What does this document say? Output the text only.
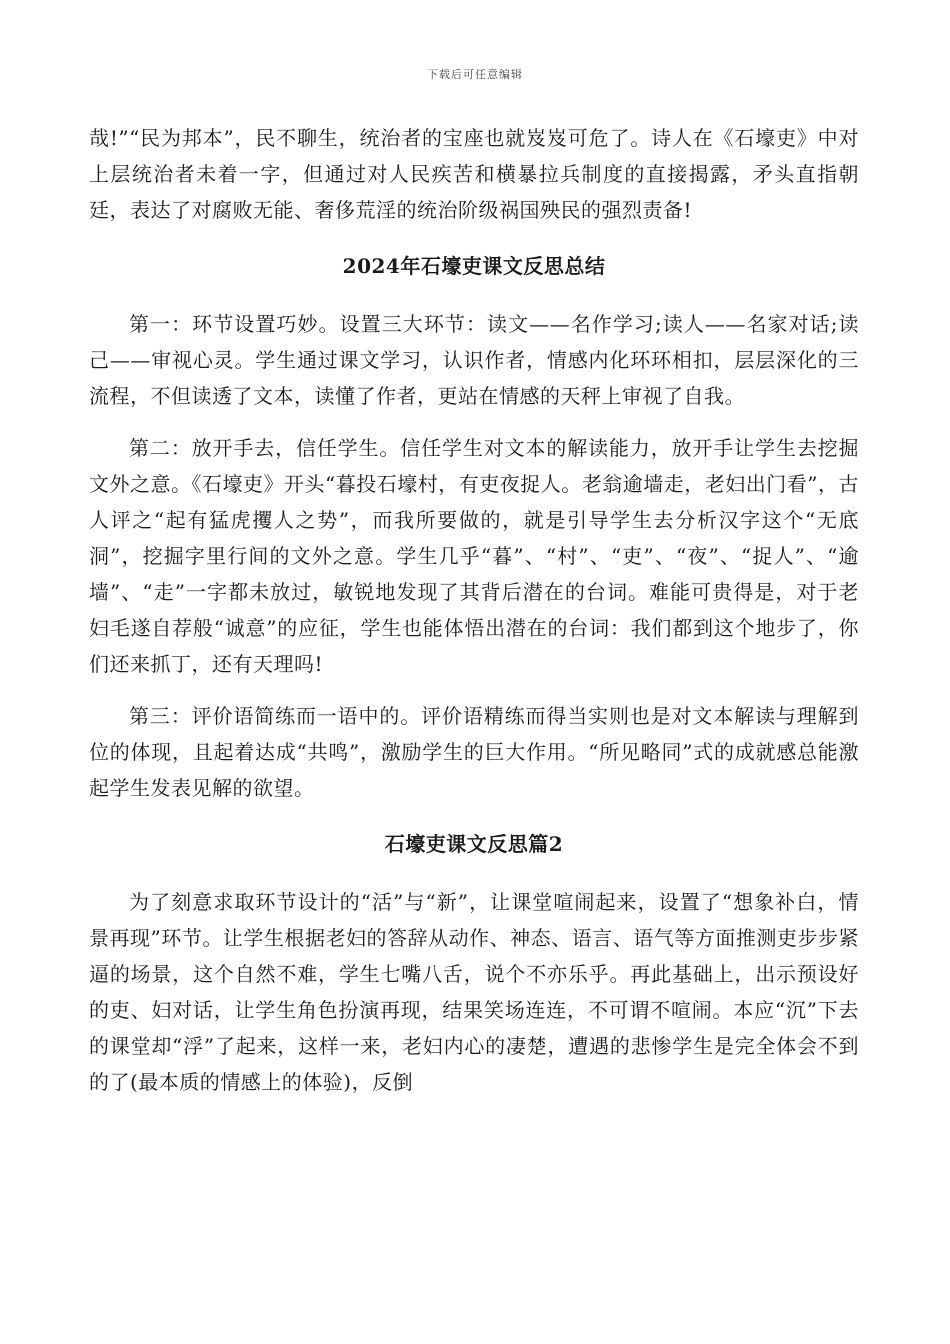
下载后可任意编辑

哉!”“民为邦本”，民不聊生，统治者的宝座也就岌岌可危了。诗人在《石壕吏》中对上层统治者未着一字，但通过对人民疾苦和横暴拉兵制度的直接揭露，矛头直指朝廷，表达了对腐败无能、奢侈荒淫的统治阶级祸国殃民的强烈责备!

2024年石壕吏课文反思总结

第一：环节设置巧妙。设置三大环节：读文——名作学习;读人——名家对话;读己——审视心灵。学生通过课文学习，认识作者，情感内化环环相扣，层层深化的三流程，不但读透了文本，读懂了作者，更站在情感的天秤上审视了自我。

第二：放开手去，信任学生。信任学生对文本的解读能力，放开手让学生去挖掘文外之意。《石壕吏》开头“暮投石壕村，有吏夜捉人。老翁逾墙走，老妇出门看”，古人评之“起有猛虎攫人之势”，而我所要做的，就是引导学生去分析汉字这个“无底洞”，挖掘字里行间的文外之意。学生几乎“暮”、“村”、“吏”、“夜”、“捉人”、“逾墙”、“走”一字都未放过，敏锐地发现了其背后潜在的台词。难能可贵得是，对于老妇毛遂自荐般“诚意”的应征，学生也能体悟出潜在的台词：我们都到这个地步了，你们还来抓丁，还有天理吗!

第三：评价语简练而一语中的。评价语精练而得当实则也是对文本解读与理解到位的体现，且起着达成“共鸣”，激励学生的巨大作用。“所见略同”式的成就感总能激起学生发表见解的欲望。

石壕吏课文反思篇2

为了刻意求取环节设计的“活”与“新”，让课堂喧闹起来，设置了“想象补白，情景再现”环节。让学生根据老妇的答辞从动作、神态、语言、语气等方面推测吏步步紧逼的场景，这个自然不难，学生七嘴八舌，说个不亦乐乎。再此基础上，出示预设好的吏、妇对话，让学生角色扮演再现，结果笑场连连，不可谓不喧闹。本应“沉”下去的课堂却“浮”了起来，这样一来，老妇内心的凄楚，遭遇的悲惨学生是完全体会不到的了(最本质的情感上的体验)，反倒
